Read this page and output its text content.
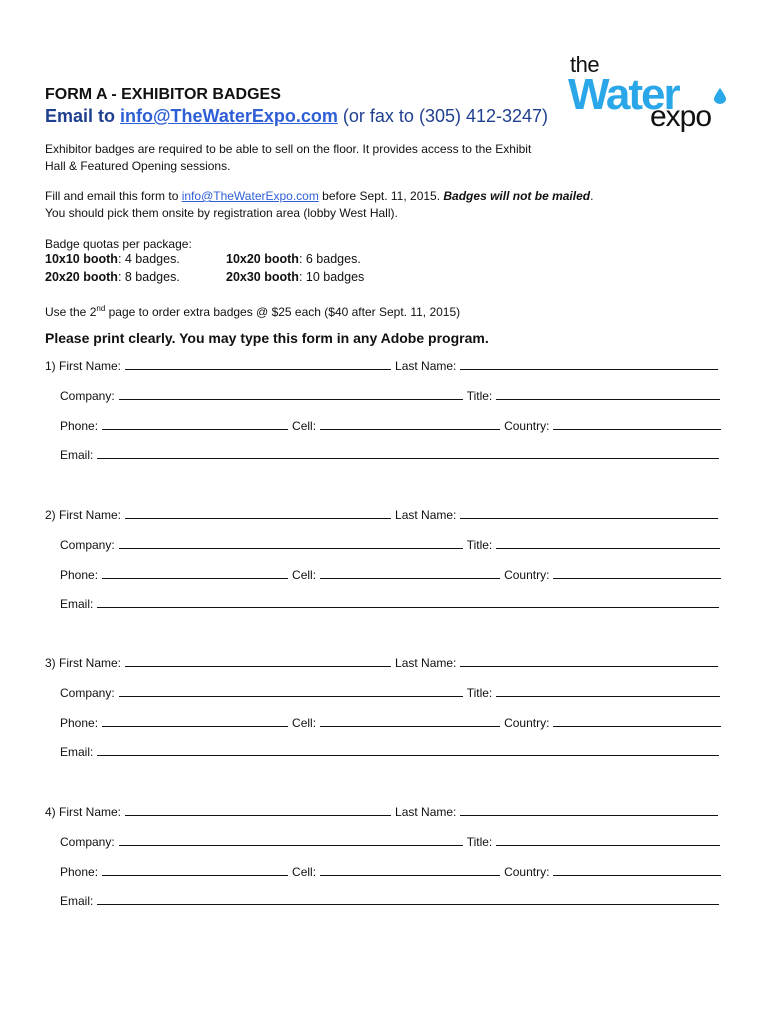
the
Water
expo
FORM A - EXHIBITOR BADGES
Email to info@TheWaterExpo.com (or fax to (305) 412-3247)
Exhibitor badges are required to be able to sell on the floor. It provides access to the Exhibit
Hall & Featured Opening sessions.
Fill and email this form to info@TheWaterExpo.com before Sept. 11, 2015. Badges will not be mailed.
You should pick them onsite by registration area (lobby West Hall).
Badge quotas per package:
10x10 booth: 4 badges.	10x20 booth: 6 badges.
20x20 booth: 8 badges.	20x30 booth: 10 badges
Use the 2nd page to order extra badges @ $25 each ($40 after Sept. 11, 2015)
Please print clearly. You may type this form in any Adobe program.
1) First Name:	Last Name:
Company:	Title:
Phone:	Cell:	Country:
Email:
2) First Name:	Last Name:
Company:	Title:
Phone:	Cell:	Country:
Email:
3) First Name:	Last Name:
Company:	Title:
Phone:	Cell:	Country:
Email:
4) First Name:	Last Name:
Company:	Title:
Phone:	Cell:	Country:
Email:
